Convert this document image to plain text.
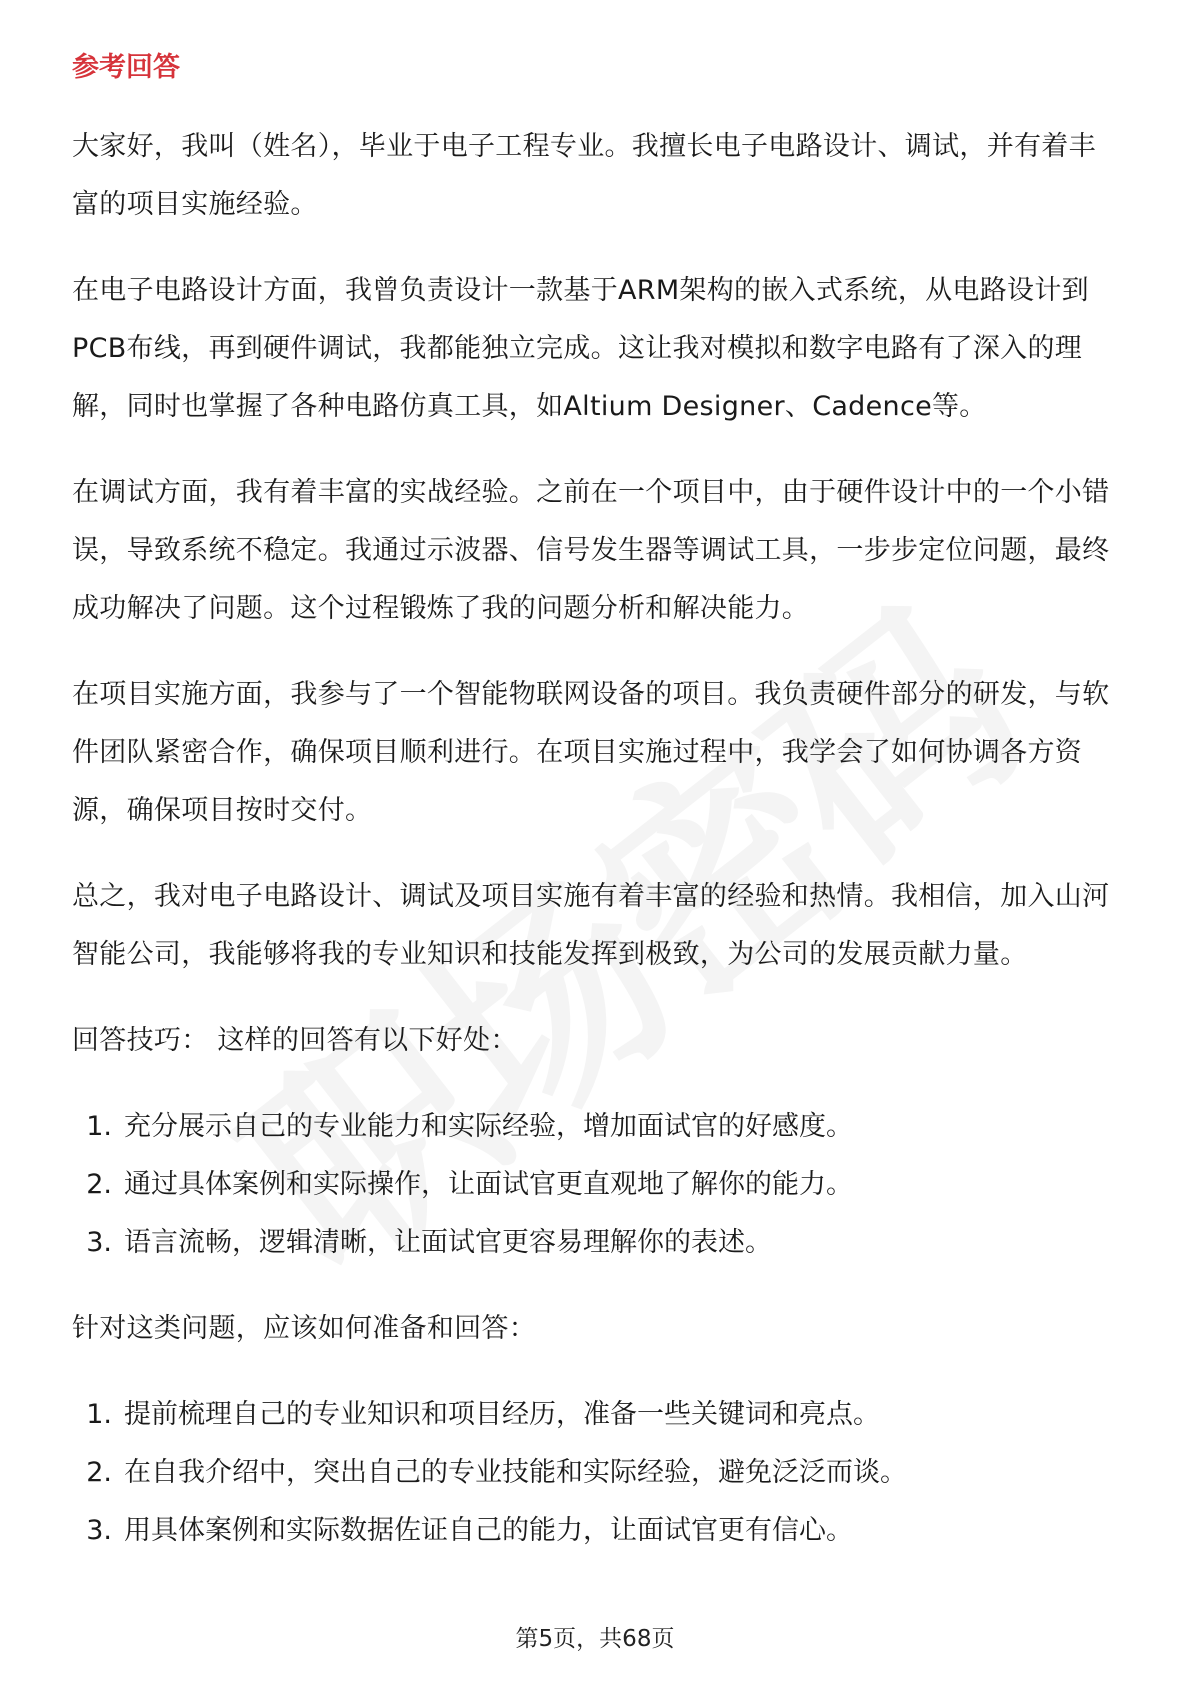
参考回答

大家好，我叫（姓名），毕业于电子工程专业。我擅长电子电路设计、调试，并有着丰富的项目实施经验。

在电子电路设计方面，我曾负责设计一款基于ARM架构的嵌入式系统，从电路设计到PCB布线，再到硬件调试，我都能独立完成。这让我对模拟和数字电路有了深入的理解，同时也掌握了各种电路仿真工具，如Altium Designer、Cadence等。

在调试方面，我有着丰富的实战经验。之前在一个项目中，由于硬件设计中的一个小错误，导致系统不稳定。我通过示波器、信号发生器等调试工具，一步步定位问题，最终成功解决了问题。这个过程锻炼了我的问题分析和解决能力。

在项目实施方面，我参与了一个智能物联网设备的项目。我负责硬件部分的研发，与软件团队紧密合作，确保项目顺利进行。在项目实施过程中，我学会了如何协调各方资源，确保项目按时交付。

总之，我对电子电路设计、调试及项目实施有着丰富的经验和热情。我相信，加入山河智能公司，我能够将我的专业知识和技能发挥到极致，为公司的发展贡献力量。

回答技巧： 这样的回答有以下好处：

1. 充分展示自己的专业能力和实际经验，增加面试官的好感度。
2. 通过具体案例和实际操作，让面试官更直观地了解你的能力。
3. 语言流畅，逻辑清晰，让面试官更容易理解你的表述。

针对这类问题，应该如何准备和回答：

1. 提前梳理自己的专业知识和项目经历，准备一些关键词和亮点。
2. 在自我介绍中，突出自己的专业技能和实际经验，避免泛泛而谈。
3. 用具体案例和实际数据佐证自己的能力，让面试官更有信心。
第5页，共68页
